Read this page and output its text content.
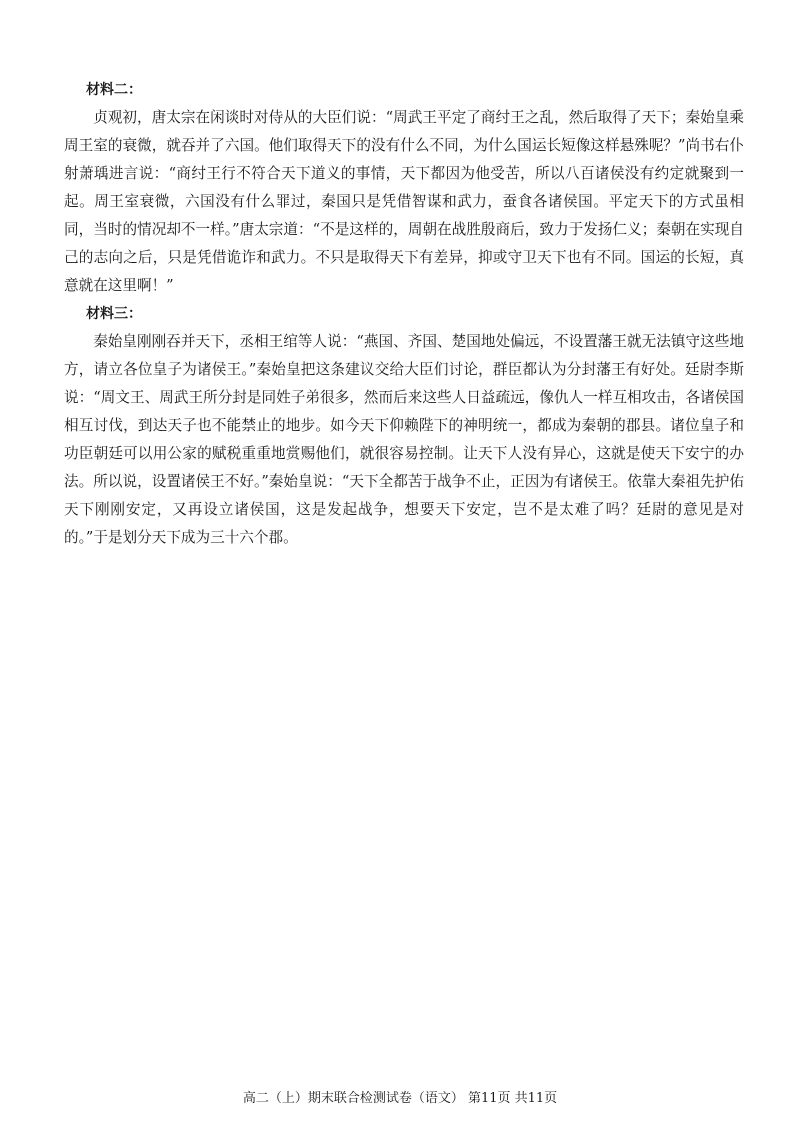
材料二：

贞观初，唐太宗在闲谈时对侍从的大臣们说：“周武王平定了商纣王之乱，然后取得了天下；秦始皇乘周王室的衰微，就吞并了六国。他们取得天下的没有什么不同，为什么国运长短像这样悬殊呢？”尚书右仆射萧瑀进言说：“商纣王行不符合天下道义的事情，天下都因为他受苦，所以八百诸侯没有约定就聚到一起。周王室衰微，六国没有什么罪过，秦国只是凭借智谋和武力，蚕食各诸侯国。平定天下的方式虽相同，当时的情况却不一样。”唐太宗道：“不是这样的，周朝在战胜殷商后，致力于发扬仁义；秦朝在实现自己的志向之后，只是凭借诡诈和武力。不只是取得天下有差异，抑或守卫天下也有不同。国运的长短，真意就在这里啊！”

材料三：

秦始皇刚刚吞并天下，丞相王绾等人说：“燕国、齐国、楚国地处偏远，不设置藩王就无法镇守这些地方，请立各位皇子为诸侯王。”秦始皇把这条建议交给大臣们讨论，群臣都认为分封藩王有好处。廷尉李斯说：“周文王、周武王所分封是同姓子弟很多，然而后来这些人日益疏远，像仇人一样互相攻击，各诸侯国相互讨伐，到达天子也不能禁止的地步。如今天下仰赖陛下的神明统一，都成为秦朝的郡县。诸位皇子和功臣朝廷可以用公家的赋税重重地赏赐他们，就很容易控制。让天下人没有异心，这就是使天下安宁的办法。所以说，设置诸侯王不好。”秦始皇说：“天下全都苦于战争不止，正因为有诸侯王。依靠大秦祖先护佑天下刚刚安定，又再设立诸侯国，这是发起战争，想要天下安定，岂不是太难了吗？廷尉的意见是对的。”于是划分天下成为三十六个郡。

高二（上）期末联合检测试卷（语文） 第11页 共11页
